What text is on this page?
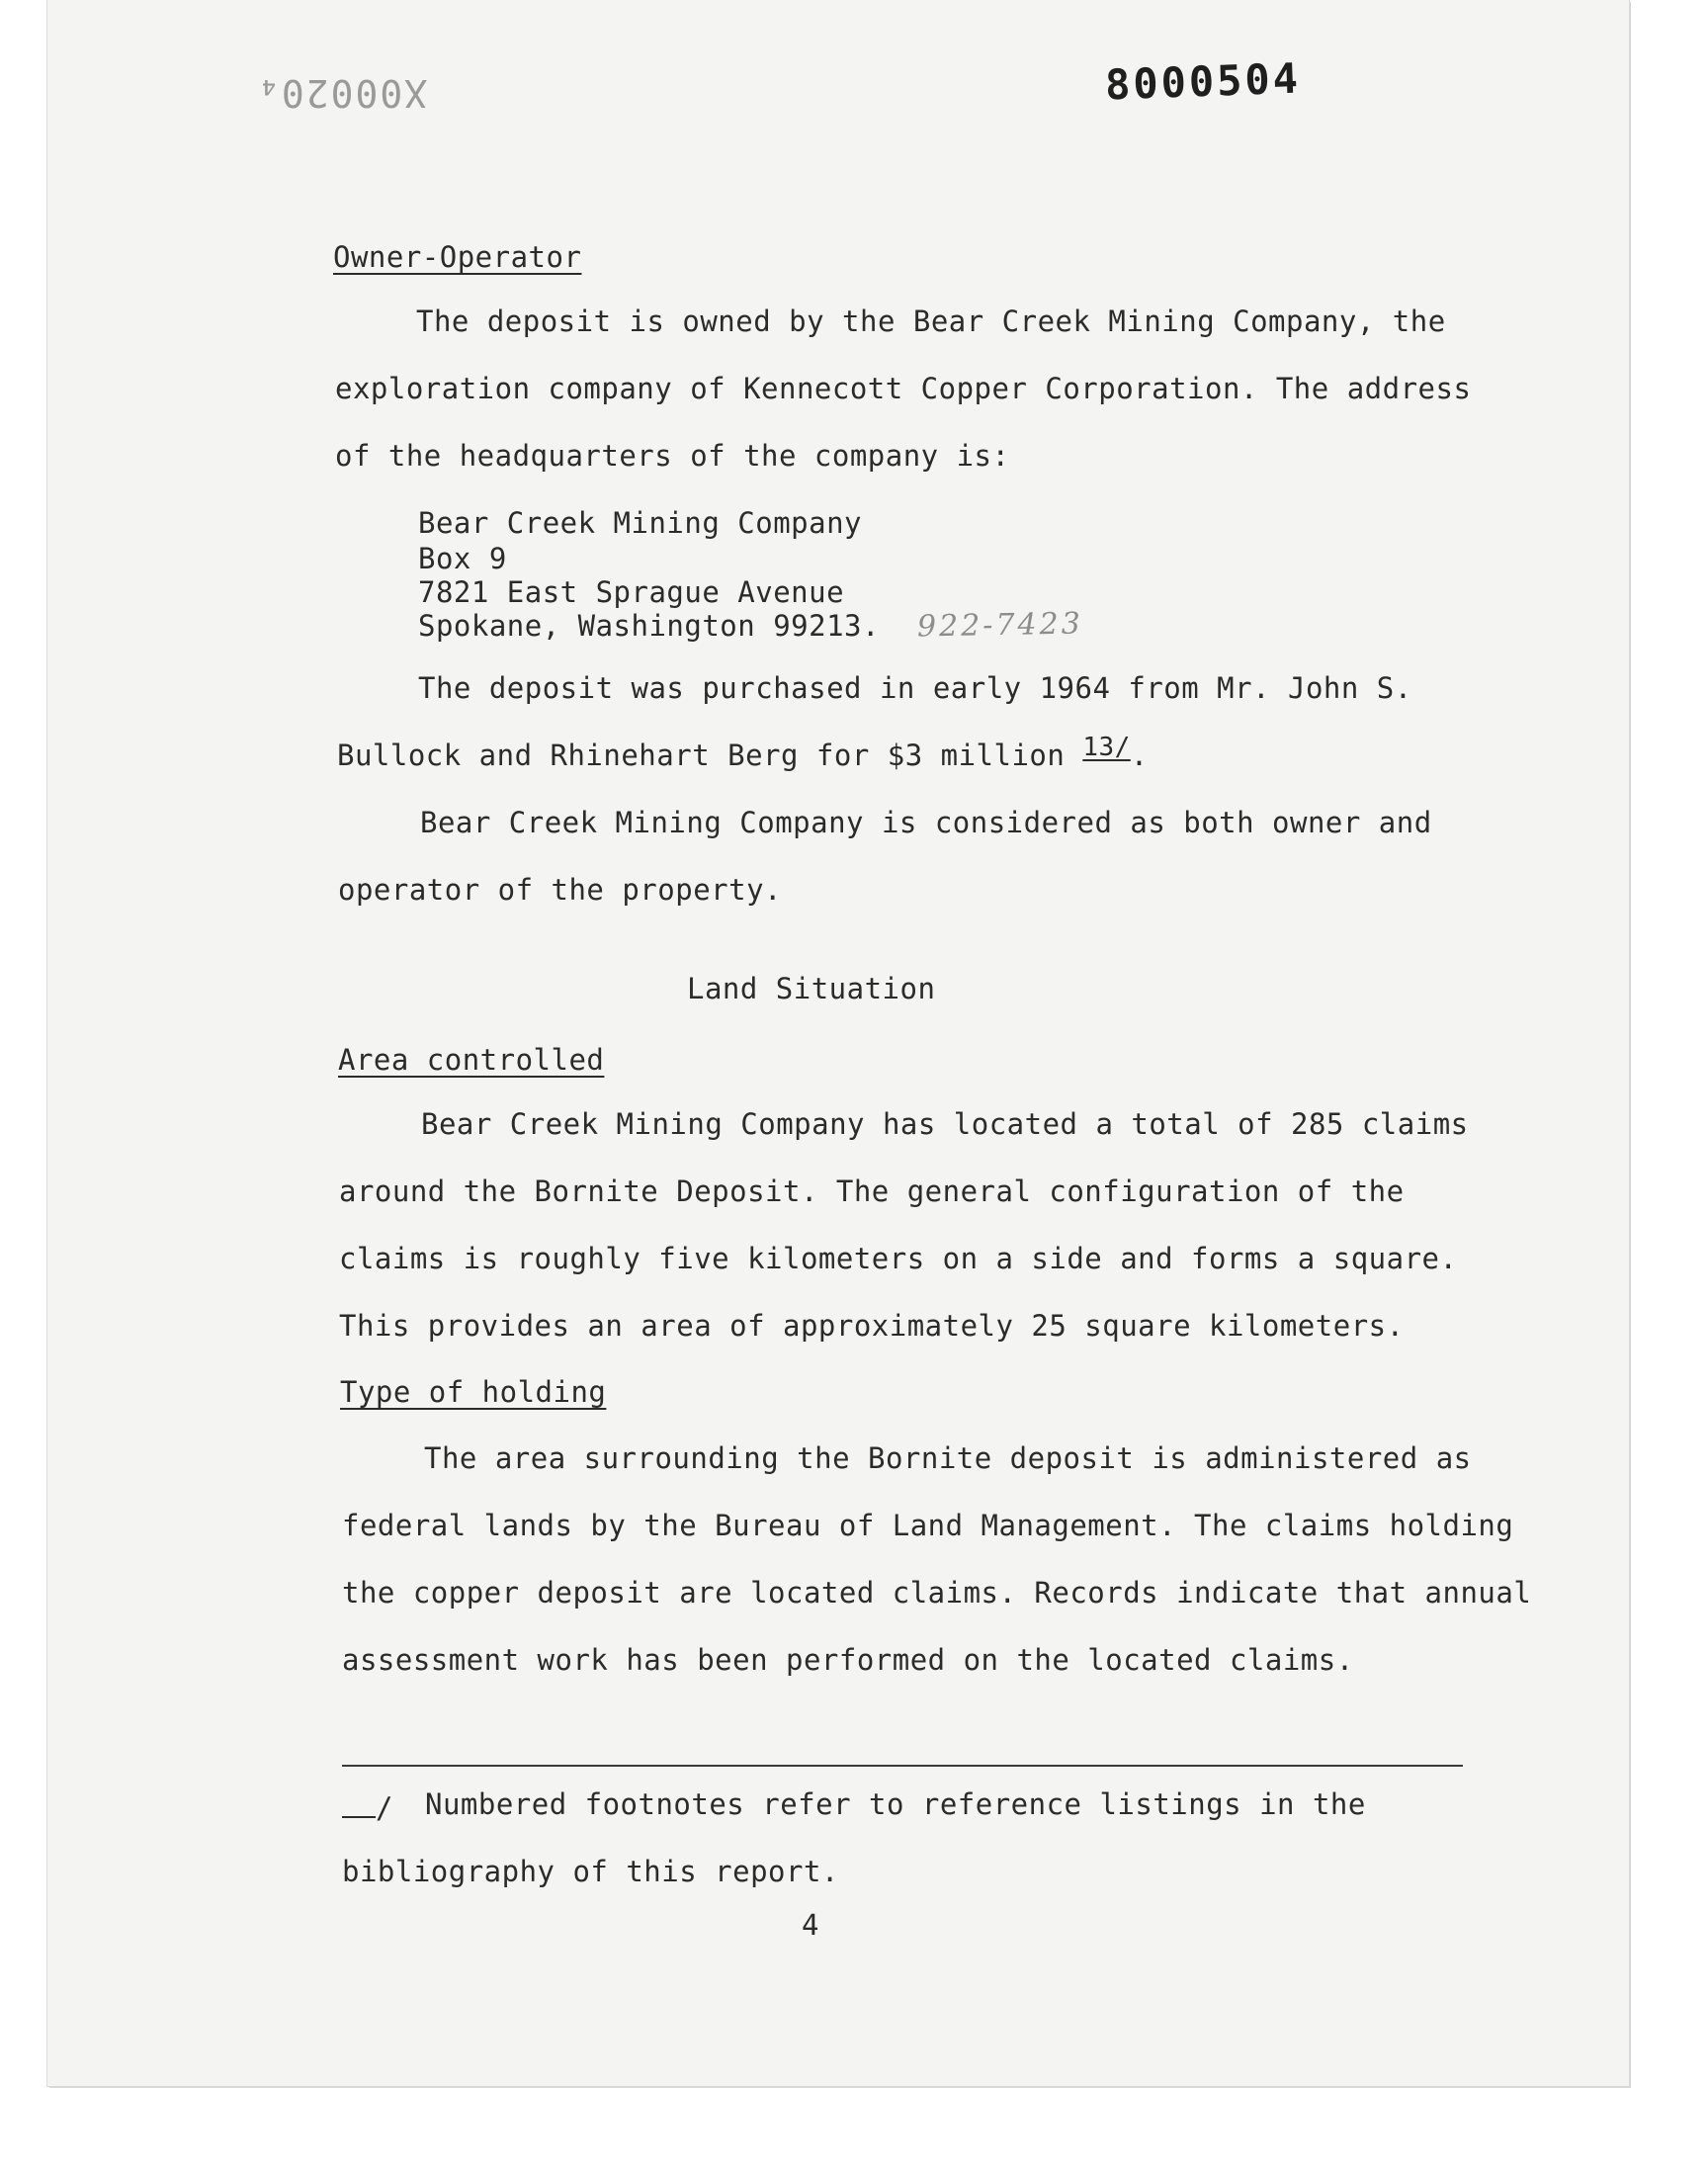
X00020₄	8000504
Owner-Operator
The deposit is owned by the Bear Creek Mining Company, the
exploration company of Kennecott Copper Corporation. The address
of the headquarters of the company is:
Bear Creek Mining Company
Box 9
7821 East Sprague Avenue
Spokane, Washington 99213. 922-7423
The deposit was purchased in early 1964 from Mr. John S.
Bullock and Rhinehart Berg for $3 million 13/.
Bear Creek Mining Company is considered as both owner and
operator of the property.
Land Situation
Area controlled
Bear Creek Mining Company has located a total of 285 claims
around the Bornite Deposit. The general configuration of the
claims is roughly five kilometers on a side and forms a square.
This provides an area of approximately 25 square kilometers.
Type of holding
The area surrounding the Bornite deposit is administered as
federal lands by the Bureau of Land Management. The claims holding
the copper deposit are located claims. Records indicate that annual
assessment work has been performed on the located claims.
/ Numbered footnotes refer to reference listings in the
bibliography of this report.
4
